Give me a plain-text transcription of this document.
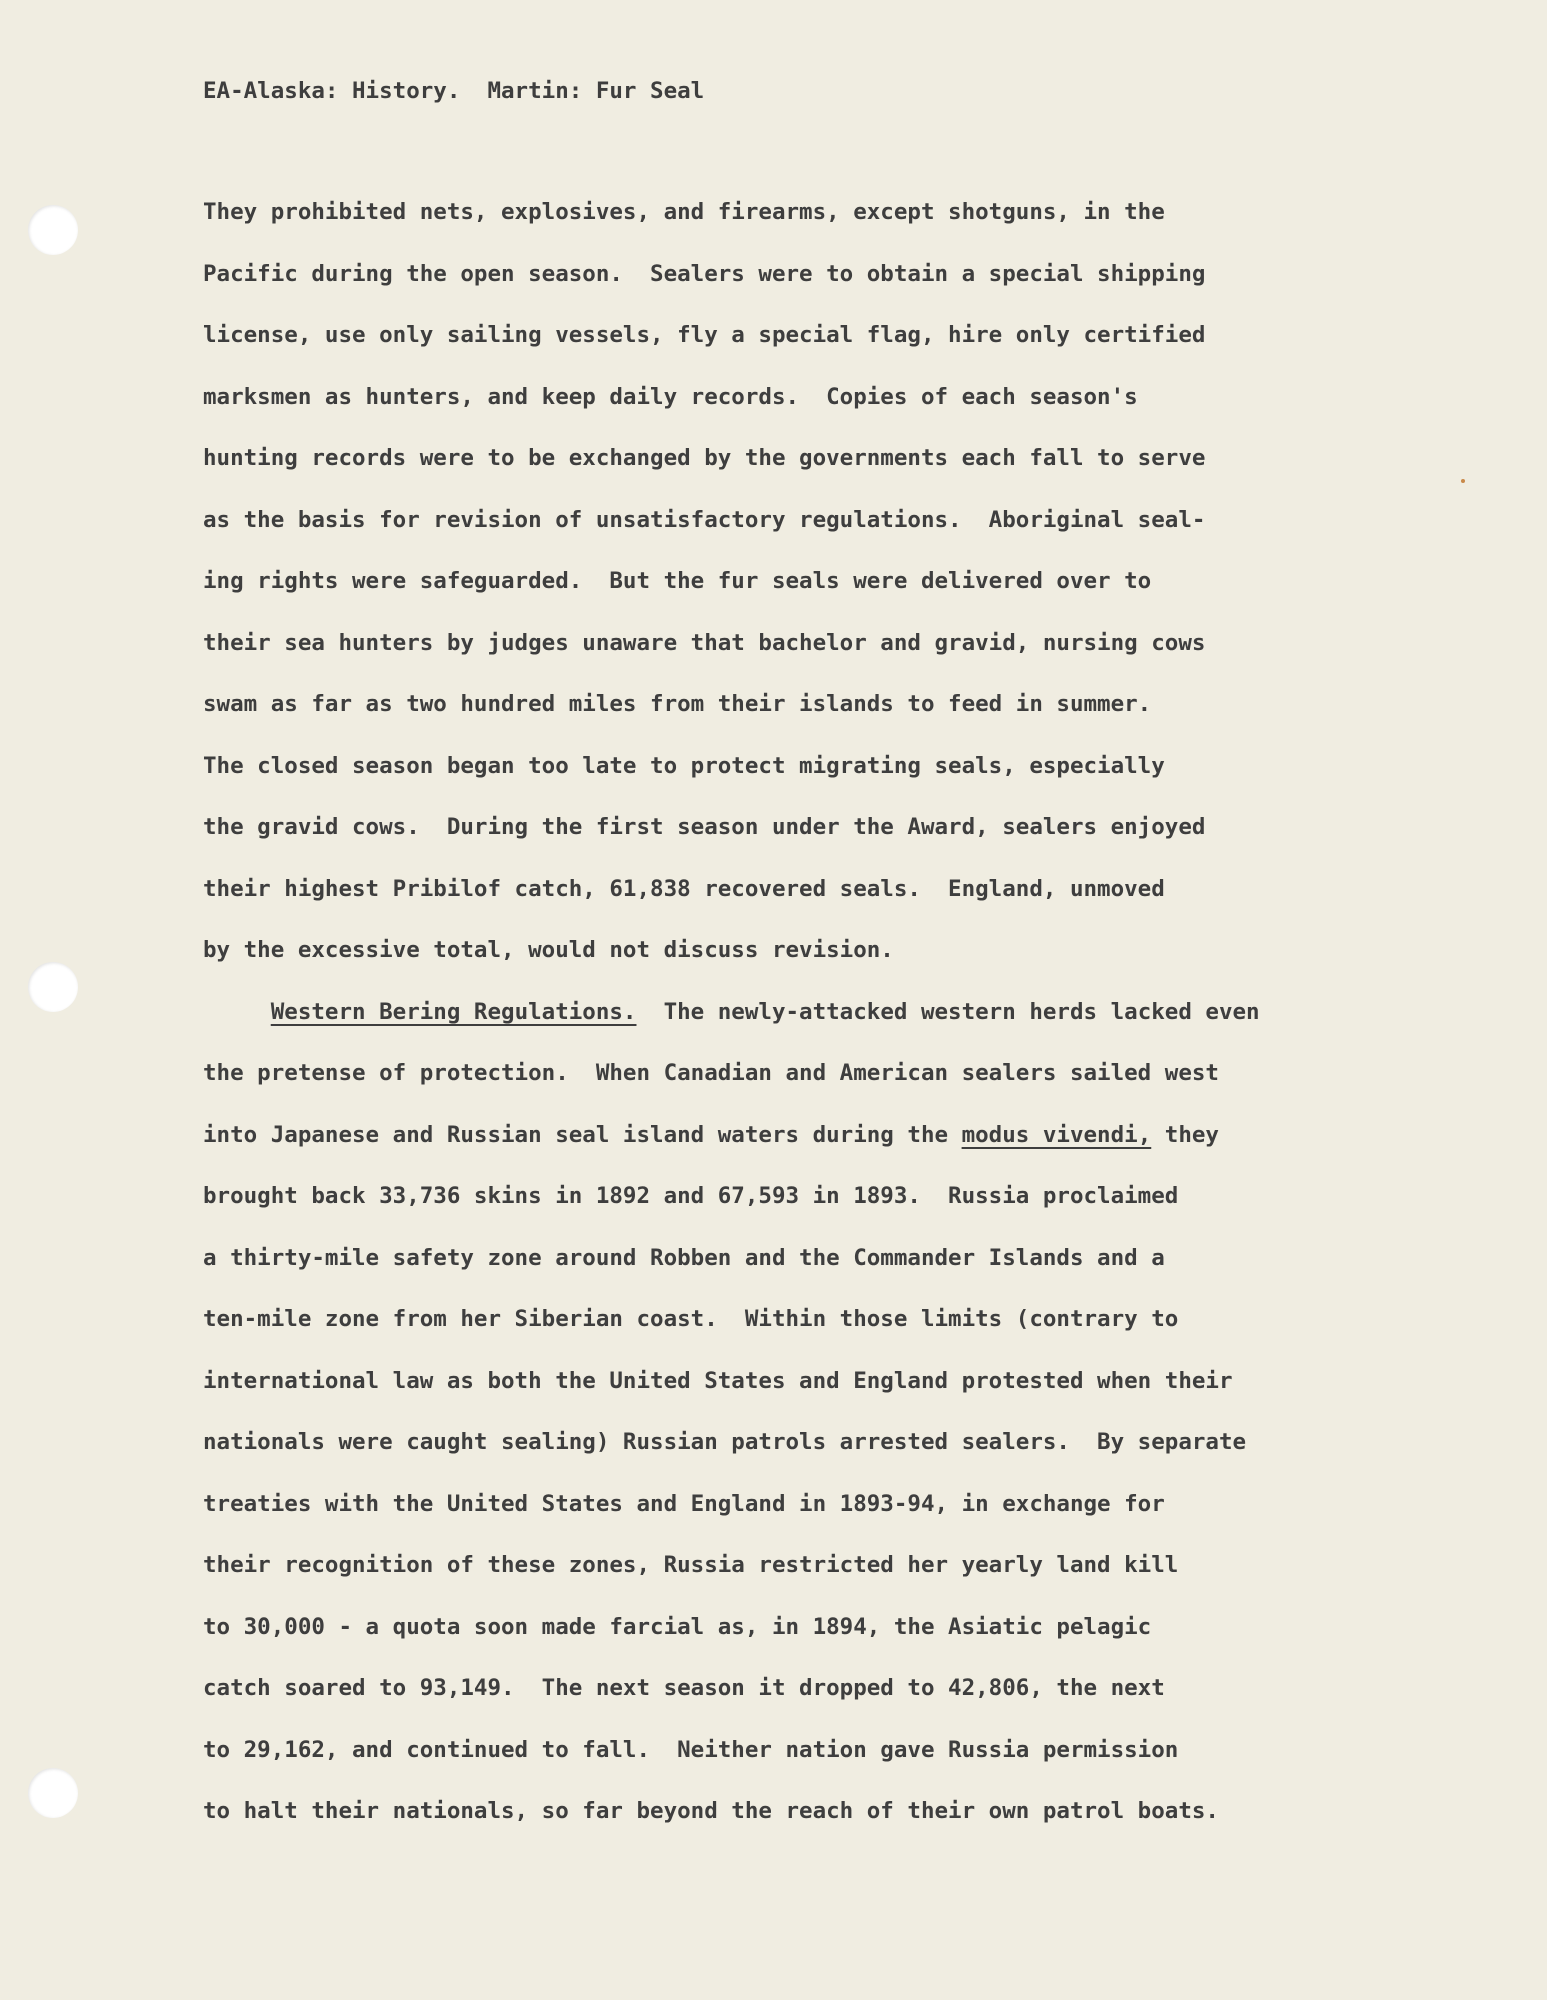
EA-Alaska: History.  Martin: Fur Seal
They prohibited nets, explosives, and firearms, except shotguns, in the
Pacific during the open season.  Sealers were to obtain a special shipping
license, use only sailing vessels, fly a special flag, hire only certified
marksmen as hunters, and keep daily records.  Copies of each season's
hunting records were to be exchanged by the governments each fall to serve
as the basis for revision of unsatisfactory regulations.  Aboriginal seal-
ing rights were safeguarded.  But the fur seals were delivered over to
their sea hunters by judges unaware that bachelor and gravid, nursing cows
swam as far as two hundred miles from their islands to feed in summer.
The closed season began too late to protect migrating seals, especially
the gravid cows.  During the first season under the Award, sealers enjoyed
their highest Pribilof catch, 61,838 recovered seals.  England, unmoved
by the excessive total, would not discuss revision.
Western Bering Regulations.  The newly-attacked western herds lacked even
the pretense of protection.  When Canadian and American sealers sailed west
into Japanese and Russian seal island waters during the modus vivendi, they
brought back 33,736 skins in 1892 and 67,593 in 1893.  Russia proclaimed
a thirty-mile safety zone around Robben and the Commander Islands and a
ten-mile zone from her Siberian coast.  Within those limits (contrary to
international law as both the United States and England protested when their
nationals were caught sealing) Russian patrols arrested sealers.  By separate
treaties with the United States and England in 1893-94, in exchange for
their recognition of these zones, Russia restricted her yearly land kill
to 30,000 - a quota soon made farcial as, in 1894, the Asiatic pelagic
catch soared to 93,149.  The next season it dropped to 42,806, the next
to 29,162, and continued to fall.  Neither nation gave Russia permission
to halt their nationals, so far beyond the reach of their own patrol boats.
